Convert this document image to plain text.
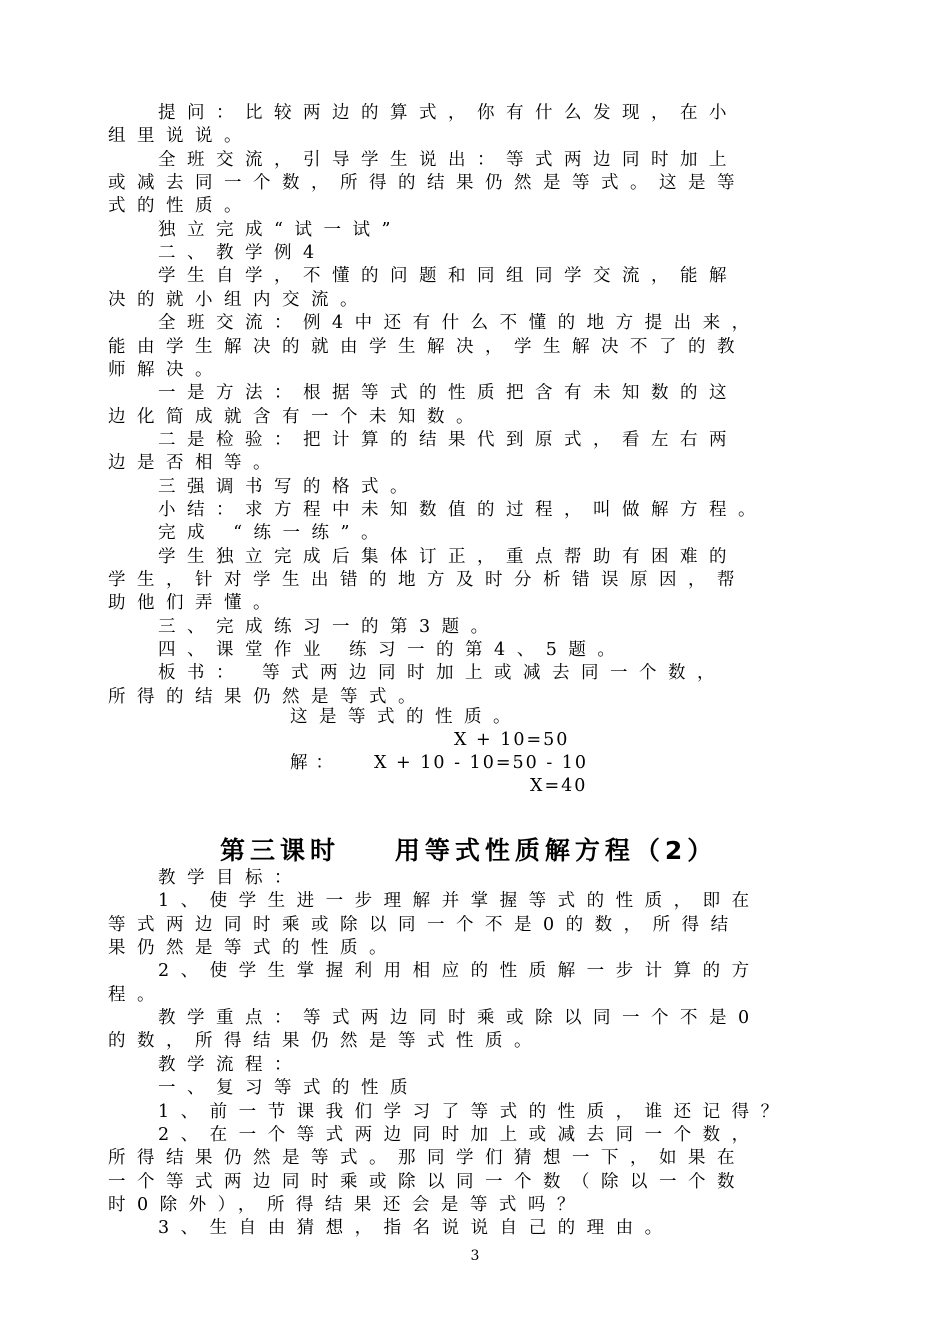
提问：比较两边的算式，你有什么发现，在小
组里说说。
全班交流，引导学生说出：等式两边同时加上
或减去同一个数，所得的结果仍然是等式。这是等
式的性质。
独立完成“试一试”
二、教学例4
学生自学，不懂的问题和同组同学交流，能解
决的就小组内交流。
全班交流：例4中还有什么不懂的地方提出来，
能由学生解决的就由学生解决，学生解决不了的教
师解决。
一是方法：根据等式的性质把含有未知数的这
边化简成就含有一个未知数。
二是检验：把计算的结果代到原式，看左右两
边是否相等。
三强调书写的格式。
小结：求方程中未知数值的过程，叫做解方程。
完成 “练一练”。
学生独立完成后集体订正，重点帮助有困难的
学生，针对学生出错的地方及时分析错误原因，帮
助他们弄懂。
三、完成练习一的第3题。
四、课堂作业 练习一的第4、5题。
板书： 等式两边同时加上或减去同一个数，
所得的结果仍然是等式。
这是等式的性质。
X + 10=50
解： X + 10 - 10=50 - 10
X=40
第三课时    用等式性质解方程（2）
教学目标：
1、使学生进一步理解并掌握等式的性质，即在
等式两边同时乘或除以同一个不是0的数，所得结
果仍然是等式的性质。
2、使学生掌握利用相应的性质解一步计算的方
程。
教学重点：等式两边同时乘或除以同一个不是0
的数，所得结果仍然是等式性质。
教学流程：
一、复习等式的性质
1、前一节课我们学习了等式的性质，谁还记得？
2、在一个等式两边同时加上或减去同一个数，
所得结果仍然是等式。那同学们猜想一下，如果在
一个等式两边同时乘或除以同一个数（除以一个数
时0除外），所得结果还会是等式吗？
3、生自由猜想，指名说说自己的理由。
3
